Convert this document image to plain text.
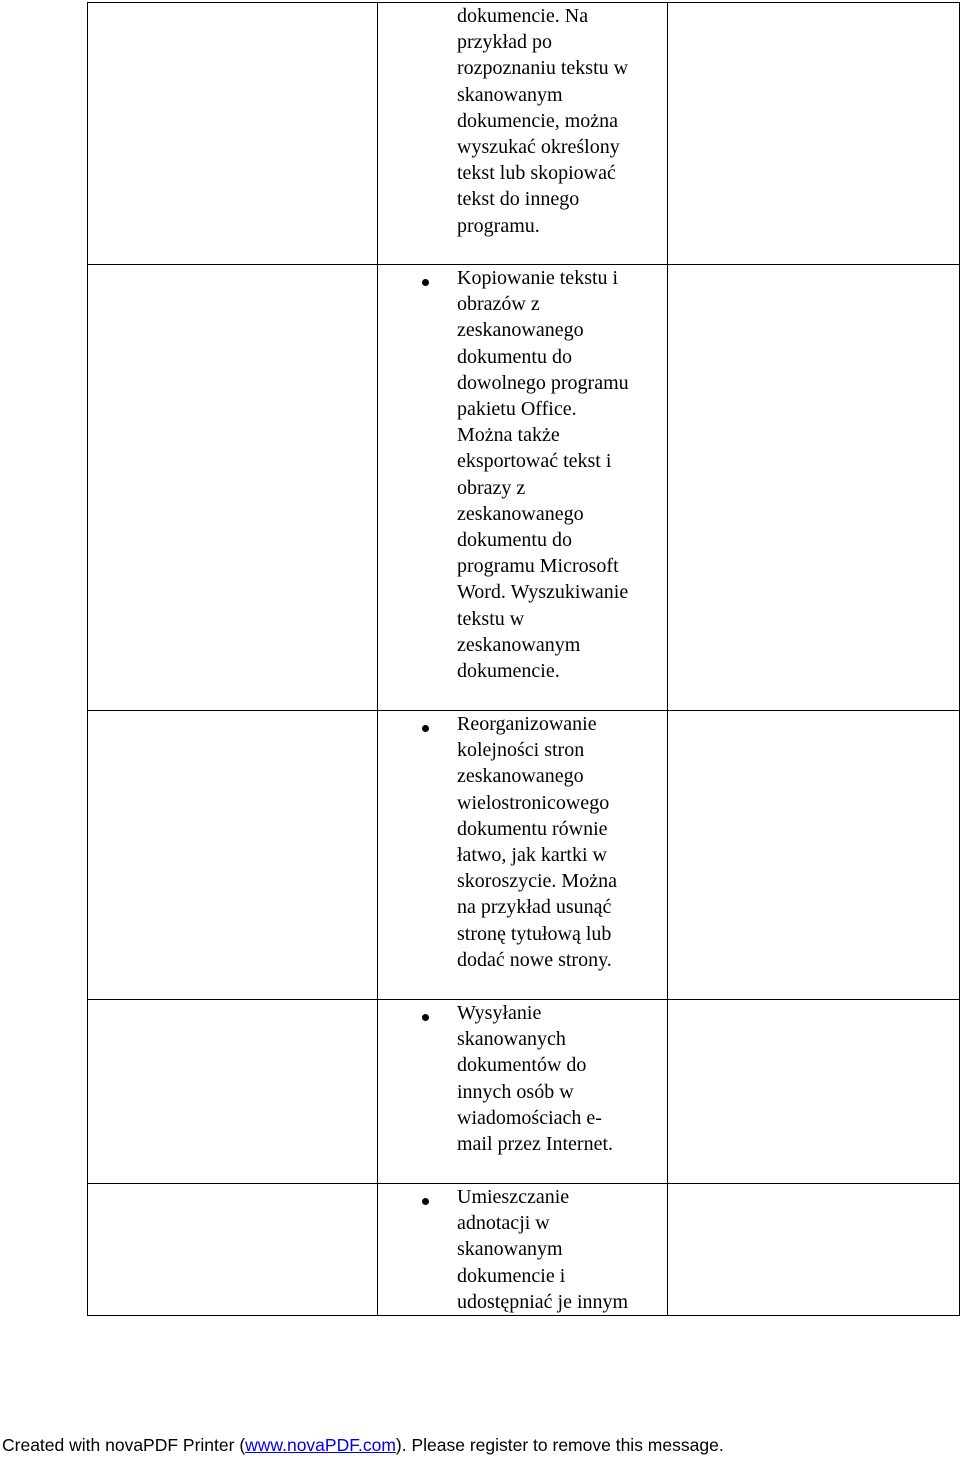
dokumencie. Na
przykład po
rozpoznaniu tekstu w
skanowanym
dokumencie, można
wyszukać określony
tekst lub skopiować
tekst do innego
programu.
Kopiowanie tekstu i
obrazów z
zeskanowanego
dokumentu do
dowolnego programu
pakietu Office.
Można także
eksportować tekst i
obrazy z
zeskanowanego
dokumentu do
programu Microsoft
Word. Wyszukiwanie
tekstu w
zeskanowanym
dokumencie.
Reorganizowanie
kolejności stron
zeskanowanego
wielostronicowego
dokumentu równie
łatwo, jak kartki w
skoroszycie. Można
na przykład usunąć
stronę tytułową lub
dodać nowe strony.
Wysyłanie
skanowanych
dokumentów do
innych osób w
wiadomościach e-
mail przez Internet.
Umieszczanie
adnotacji w
skanowanym
dokumencie i
udostępniać je innym
Created with novaPDF Printer (www.novaPDF.com). Please register to remove this message.
